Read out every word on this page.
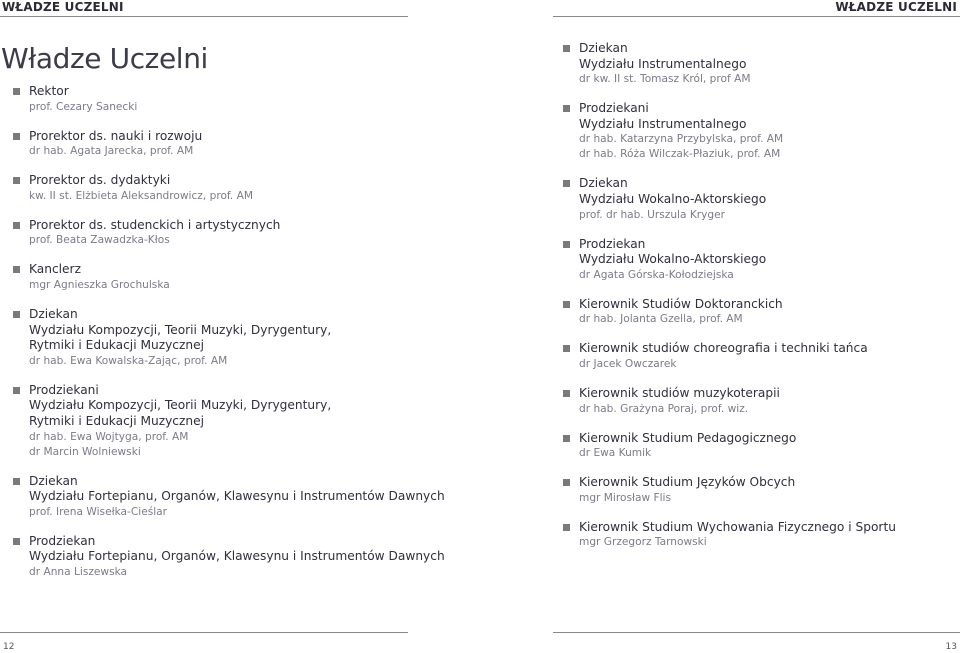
WŁADZE UCZELNI	WŁADZE UCZELNI
Władze Uczelni
Rektor
prof. Cezary Sanecki
Prorektor ds. nauki i rozwoju
dr hab. Agata Jarecka, prof. AM
Prorektor ds. dydaktyki
kw. II st. Elżbieta Aleksandrowicz, prof. AM
Prorektor ds. studenckich i artystycznych
prof. Beata Zawadzka-Kłos
Kanclerz
mgr Agnieszka Grochulska
Dziekan
Wydziału Kompozycji, Teorii Muzyki, Dyrygentury,
Rytmiki i Edukacji Muzycznej
dr hab. Ewa Kowalska-Zając, prof. AM
Prodziekani
Wydziału Kompozycji, Teorii Muzyki, Dyrygentury,
Rytmiki i Edukacji Muzycznej
dr hab. Ewa Wojtyga, prof. AM
dr Marcin Wolniewski
Dziekan
Wydziału Fortepianu, Organów, Klawesynu i Instrumentów Dawnych
prof. Irena Wisełka-Cieślar
Prodziekan
Wydziału Fortepianu, Organów, Klawesynu i Instrumentów Dawnych
dr Anna Liszewska
Dziekan
Wydziału Instrumentalnego
dr kw. II st. Tomasz Król, prof AM
Prodziekani
Wydziału Instrumentalnego
dr hab. Katarzyna Przybylska, prof. AM
dr hab. Róża Wilczak-Płaziuk, prof. AM
Dziekan
Wydziału Wokalno-Aktorskiego
prof. dr hab. Urszula Kryger
Prodziekan
Wydziału Wokalno-Aktorskiego
dr Agata Górska-Kołodziejska
Kierownik Studiów Doktoranckich
dr hab. Jolanta Gzella, prof. AM
Kierownik studiów choreografia i techniki tańca
dr Jacek Owczarek
Kierownik studiów muzykoterapii
dr hab. Grażyna Poraj, prof. wiz.
Kierownik Studium Pedagogicznego
dr Ewa Kumik
Kierownik Studium Języków Obcych
mgr Mirosław Flis
Kierownik Studium Wychowania Fizycznego i Sportu
mgr Grzegorz Tarnowski
12	13
